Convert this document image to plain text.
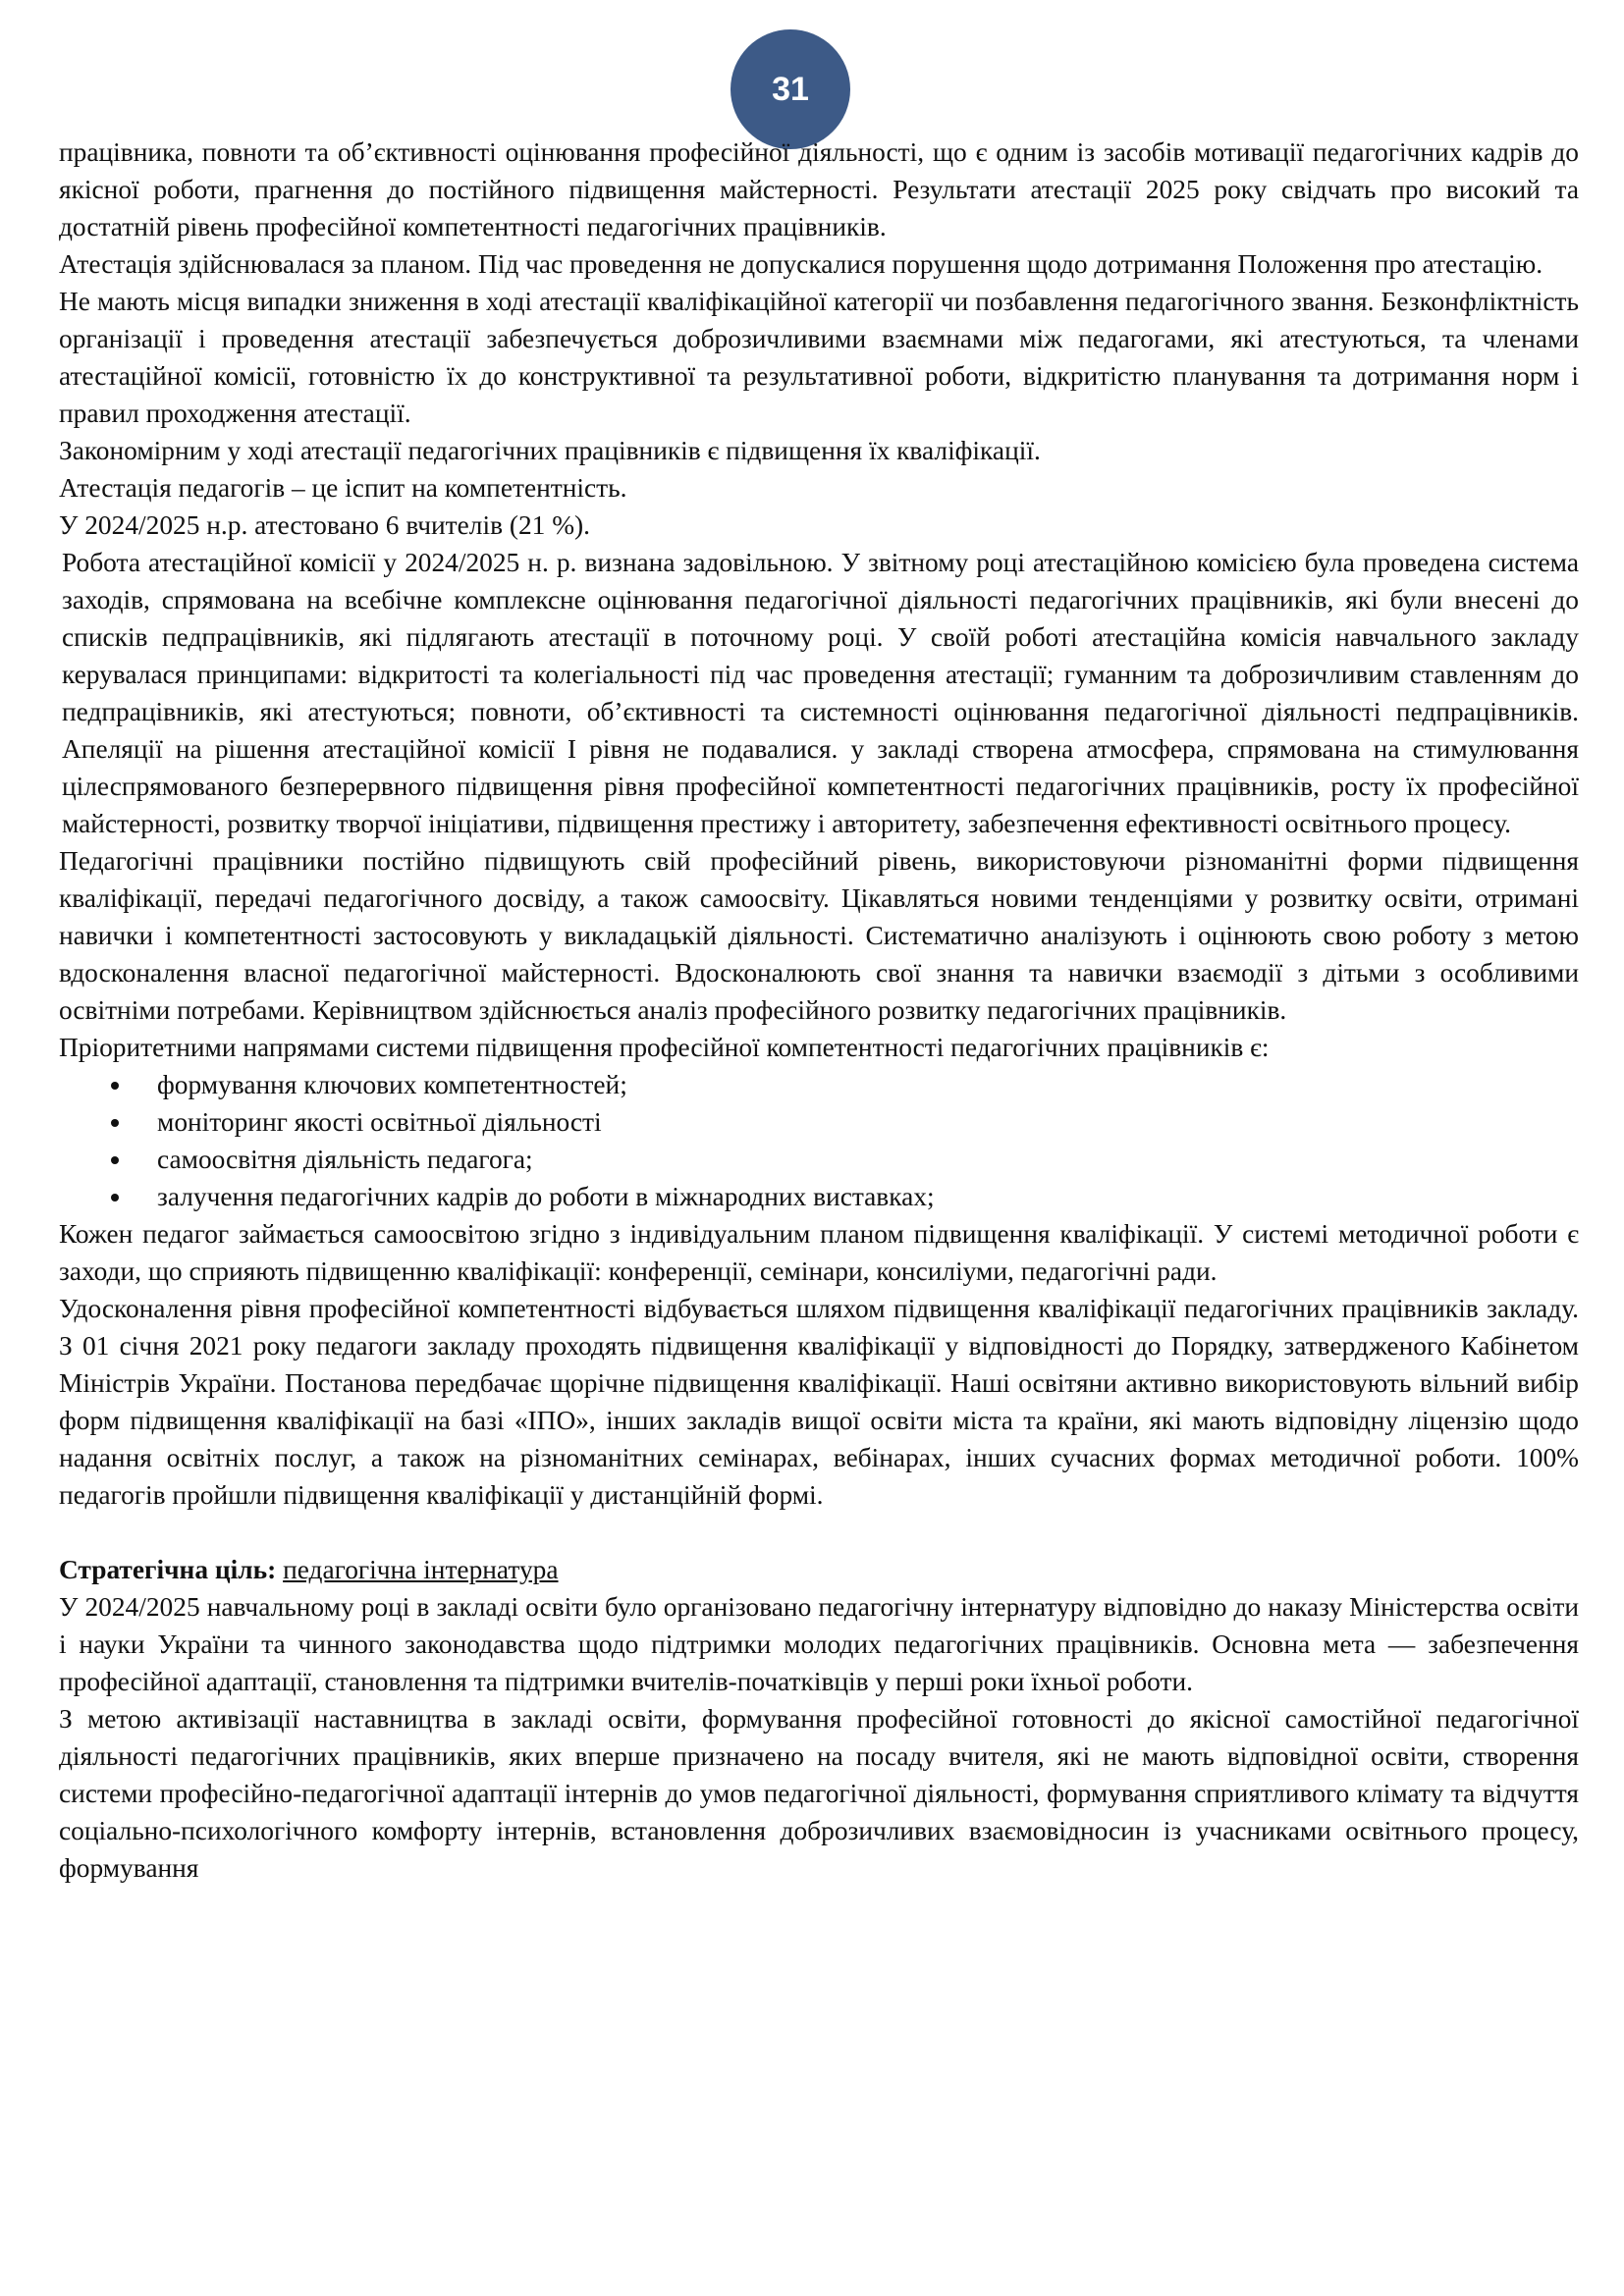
31

працівника, повноти та об’єктивності оцінювання професійної діяльності, що є одним із засобів мотивації педагогічних кадрів до якісної роботи, прагнення до постійного підвищення майстерності. Результати атестації 2025 року свідчать про високий та достатній рівень професійної компетентності педагогічних працівників.

Атестація здійснювалася за планом. Під час проведення не допускалися порушення щодо дотримання Положення про атестацію.

Не мають місця випадки зниження в ході атестації кваліфікаційної категорії чи позбавлення педагогічного звання. Безконфліктність організації і проведення атестації забезпечується доброзичливими взаємнами між педагогами, які атестуються, та членами атестаційної комісії, готовністю їх до конструктивної та результативної роботи, відкритістю планування та дотримання норм і правил проходження атестації.

Закономірним у ході атестації педагогічних працівників є підвищення їх кваліфікації.

Атестація педагогів – це іспит на компетентність.

У 2024/2025 н.р. атестовано 6 вчителів (21 %).

Робота атестаційної комісії у 2024/2025 н. р. визнана задовільною. У звітному році атестаційною комісією була проведена система заходів, спрямована на всебічне комплексне оцінювання педагогічної діяльності педагогічних працівників, які були внесені до списків педпрацівників, які підлягають атестації в поточному році. У своїй роботі атестаційна комісія навчального закладу керувалася принципами: відкритості та колегіальності під час проведення атестації; гуманним та доброзичливим ставленням до педпрацівників, які атестуються; повноти, об’єктивності та системності оцінювання педагогічної діяльності педпрацівників. Апеляції на рішення атестаційної комісії І рівня не подавалися. у закладі створена атмосфера, спрямована на стимулювання цілеспрямованого безперервного підвищення рівня професійної компетентності педагогічних працівників, росту їх професійної майстерності, розвитку творчої ініціативи, підвищення престижу і авторитету, забезпечення ефективності освітнього процесу.

Педагогічні працівники постійно підвищують свій професійний рівень, використовуючи різноманітні форми підвищення кваліфікації, передачі педагогічного досвіду, а також самоосвіту. Цікавляться новими тенденціями у розвитку освіти, отримані навички і компетентності застосовують у викладацькій діяльності. Систематично аналізують і оцінюють свою роботу з метою вдосконалення власної педагогічної майстерності. Вдосконалюють свої знання та навички взаємодії з дітьми з особливими освітніми потребами. Керівництвом здійснюється аналіз професійного розвитку педагогічних працівників.

Пріоритетними напрямами системи підвищення професійної компетентності педагогічних працівників є:

формування ключових компетентностей;
моніторинг якості освітньої діяльності
самоосвітня діяльність педагога;
залучення педагогічних кадрів до роботи в міжнародних виставках;

Кожен педагог займається самоосвітою згідно з індивідуальним планом підвищення кваліфікації. У системі методичної роботи є заходи, що сприяють підвищенню кваліфікації: конференції, семінари, консиліуми, педагогічні ради.

Удосконалення рівня професійної компетентності відбувається шляхом підвищення кваліфікації педагогічних працівників закладу. З 01 січня 2021 року педагоги закладу проходять підвищення кваліфікації у відповідності до Порядку, затвердженого Кабінетом Міністрів України. Постанова передбачає щорічне підвищення кваліфікації. Наші освітяни активно використовують вільний вибір форм підвищення кваліфікації на базі «ІПО», інших закладів вищої освіти міста та країни, які мають відповідну ліцензію щодо надання освітніх послуг, а також на різноманітних семінарах, вебінарах, інших сучасних формах методичної роботи. 100% педагогів пройшли підвищення кваліфікації у дистанційній формі.

Стратегічна ціль: педагогічна інтернатура

У 2024/2025 навчальному році в закладі освіти було організовано педагогічну інтернатуру відповідно до наказу Міністерства освіти і науки України та чинного законодавства щодо підтримки молодих педагогічних працівників. Основна мета — забезпечення професійної адаптації, становлення та підтримки вчителів-початківців у перші роки їхньої роботи.

З метою активізації наставництва в закладі освіти, формування професійної готовності до якісної самостійної педагогічної діяльності педагогічних працівників, яких вперше призначено на посаду вчителя, які не мають відповідної освіти, створення системи професійно-педагогічної адаптації інтернів до умов педагогічної діяльності, формування сприятливого клімату та відчуття соціально-психологічного комфорту інтернів, встановлення доброзичливих взаємовідносин із учасниками освітнього процесу, формування
